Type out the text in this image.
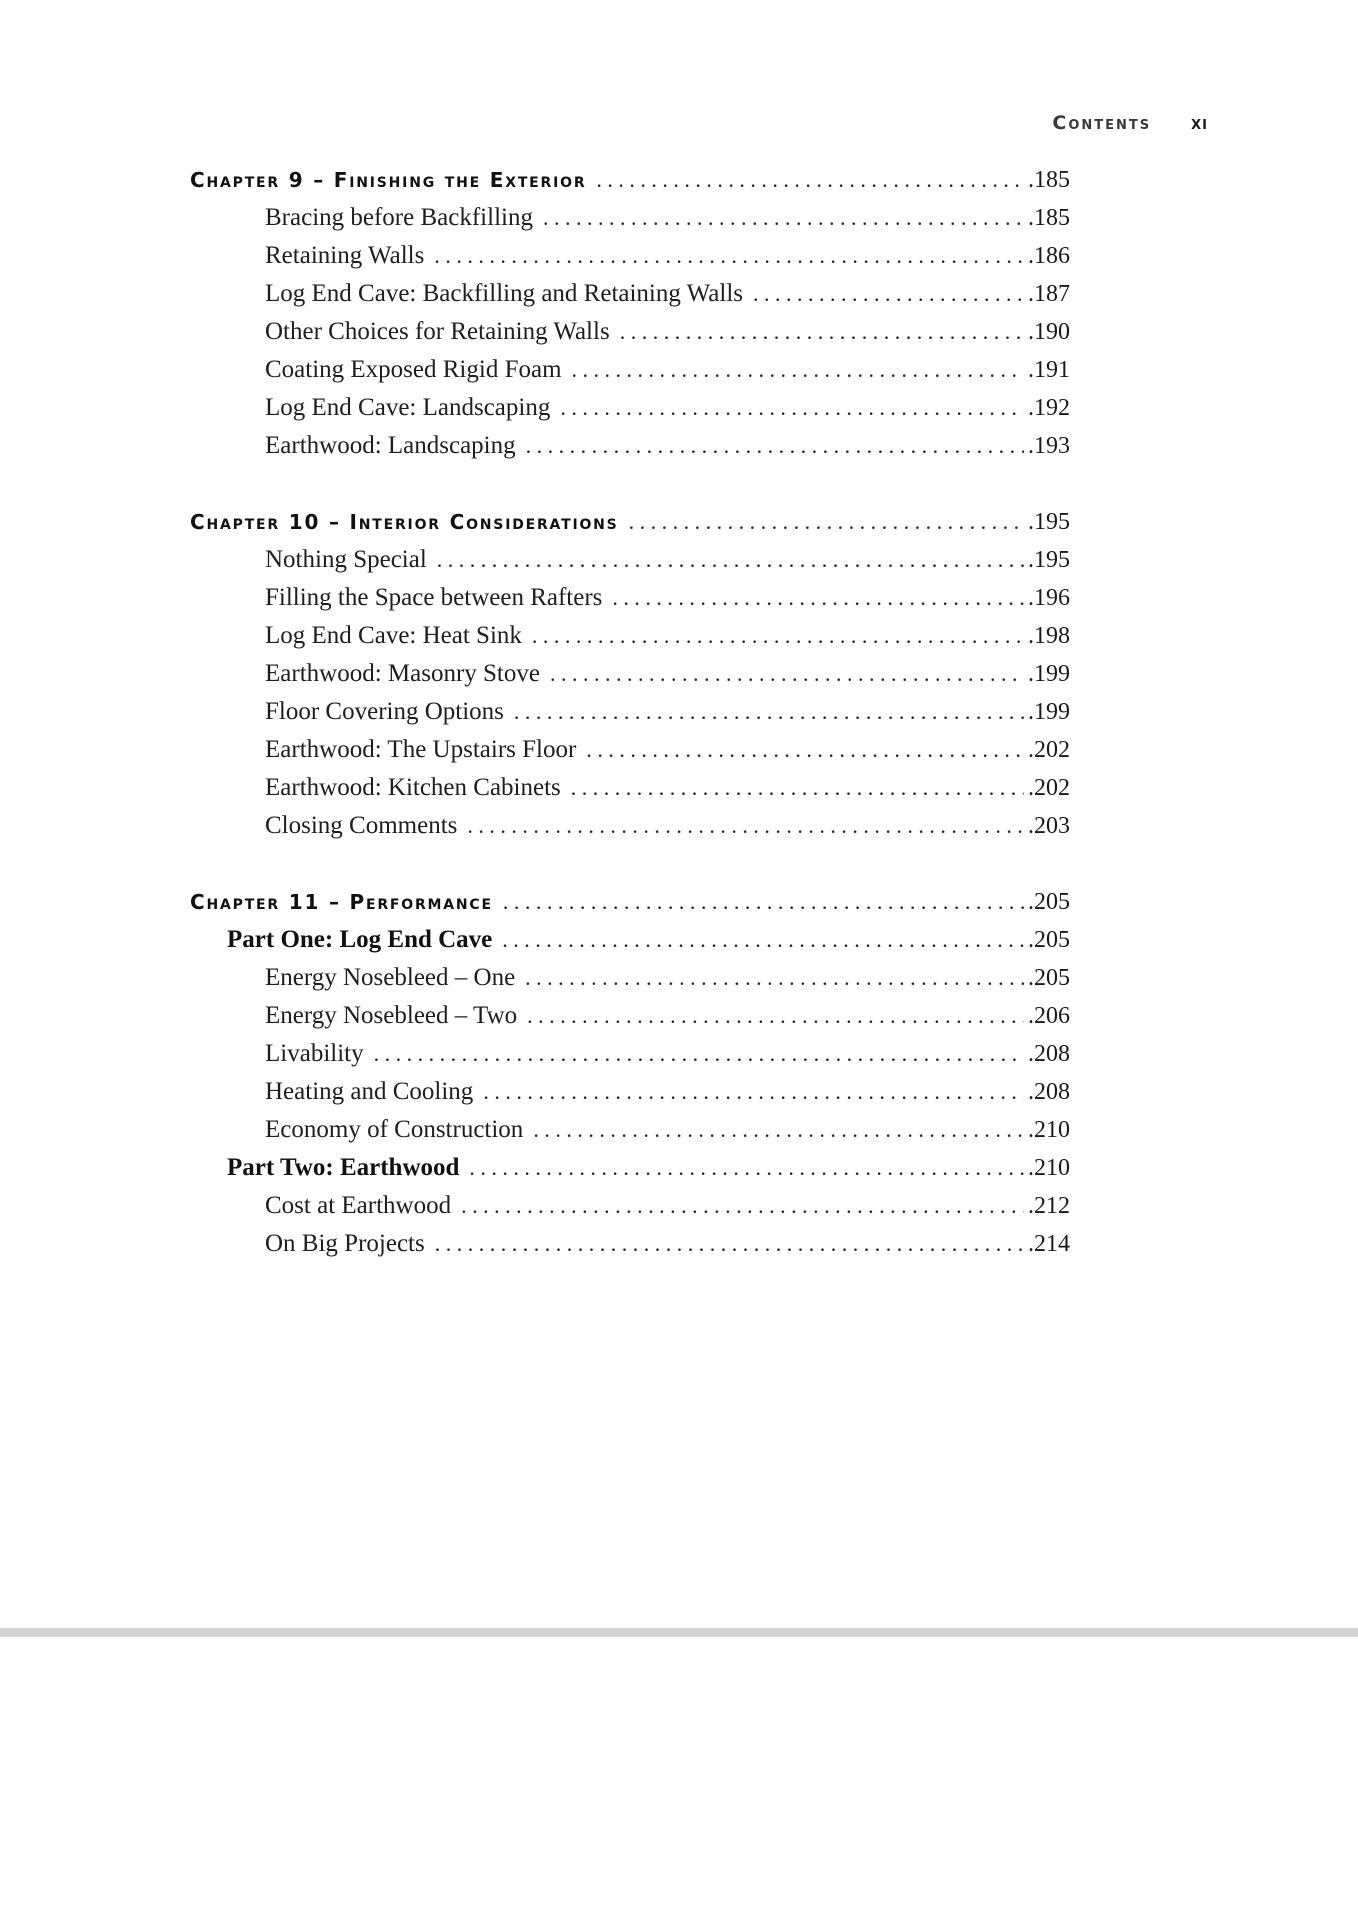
Contents xi
Chapter 9 – Finishing the Exterior . . .	.185
Bracing before Backfilling . . .	.185
Retaining Walls . . .	.186
Log End Cave: Backfilling and Retaining Walls . . .	.187
Other Choices for Retaining Walls . . .	.190
Coating Exposed Rigid Foam . . .	.191
Log End Cave: Landscaping . . .	.192
Earthwood: Landscaping . . .	.193
Chapter 10 – Interior Considerations . . .	.195
Nothing Special . . .	.195
Filling the Space between Rafters . . .	.196
Log End Cave: Heat Sink . . .	.198
Earthwood: Masonry Stove . . .	.199
Floor Covering Options . . .	.199
Earthwood: The Upstairs Floor . . .	.202
Earthwood: Kitchen Cabinets . . .	.202
Closing Comments . . .	.203
Chapter 11 – Performance . . .	.205
Part One: Log End Cave . . .	.205
Energy Nosebleed – One . . .	.205
Energy Nosebleed – Two . . .	.206
Livability . . .	.208
Heating and Cooling . . .	.208
Economy of Construction . . .	.210
Part Two: Earthwood . . .	.210
Cost at Earthwood . . .	.212
On Big Projects . . .	.214
